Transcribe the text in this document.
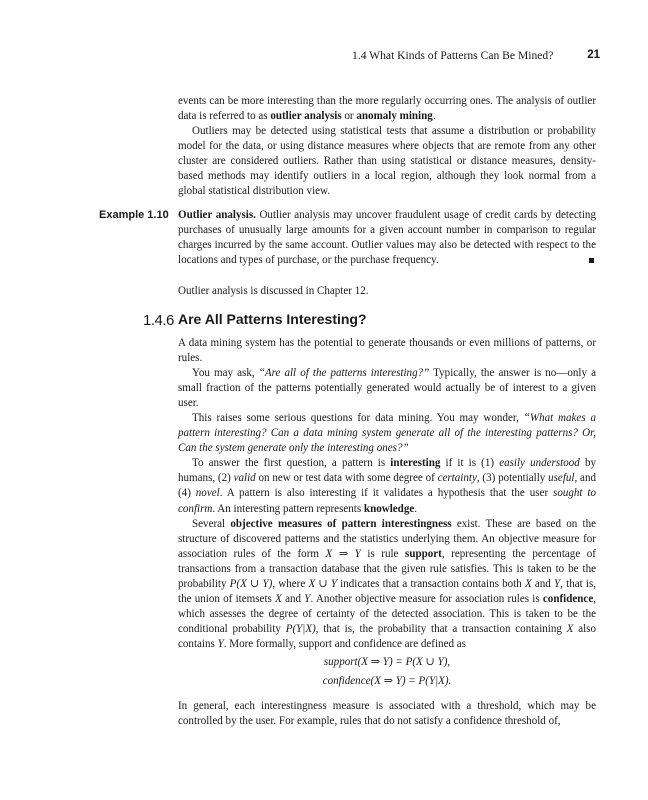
1.4 What Kinds of Patterns Can Be Mined?	21

events can be more interesting than the more regularly occurring ones. The analysis of outlier data is referred to as outlier analysis or anomaly mining.

Outliers may be detected using statistical tests that assume a distribution or probability model for the data, or using distance measures where objects that are remote from any other cluster are considered outliers. Rather than using statistical or distance measures, density-based methods may identify outliers in a local region, although they look normal from a global statistical distribution view.

Example 1.10 Outlier analysis. Outlier analysis may uncover fraudulent usage of credit cards by detecting purchases of unusually large amounts for a given account number in comparison to regular charges incurred by the same account. Outlier values may also be detected with respect to the locations and types of purchase, or the purchase frequency.

Outlier analysis is discussed in Chapter 12.

1.4.6 Are All Patterns Interesting?

A data mining system has the potential to generate thousands or even millions of patterns, or rules.

You may ask, “Are all of the patterns interesting?” Typically, the answer is no—only a small fraction of the patterns potentially generated would actually be of interest to a given user.

This raises some serious questions for data mining. You may wonder, “What makes a pattern interesting? Can a data mining system generate all of the interesting patterns? Or, Can the system generate only the interesting ones?”

To answer the first question, a pattern is interesting if it is (1) easily understood by humans, (2) valid on new or test data with some degree of certainty, (3) potentially useful, and (4) novel. A pattern is also interesting if it validates a hypothesis that the user sought to confirm. An interesting pattern represents knowledge.

Several objective measures of pattern interestingness exist. These are based on the structure of discovered patterns and the statistics underlying them. An objective measure for association rules of the form X ⇒ Y is rule support, representing the percentage of transactions from a transaction database that the given rule satisfies. This is taken to be the probability P(X ∪ Y), where X ∪ Y indicates that a transaction contains both X and Y, that is, the union of itemsets X and Y. Another objective measure for association rules is confidence, which assesses the degree of certainty of the detected association. This is taken to be the conditional probability P(Y|X), that is, the probability that a transaction containing X also contains Y. More formally, support and confidence are defined as

support(X ⇒ Y) = P(X ∪ Y),
confidence(X ⇒ Y) = P(Y|X).

In general, each interestingness measure is associated with a threshold, which may be controlled by the user. For example, rules that do not satisfy a confidence threshold of,
